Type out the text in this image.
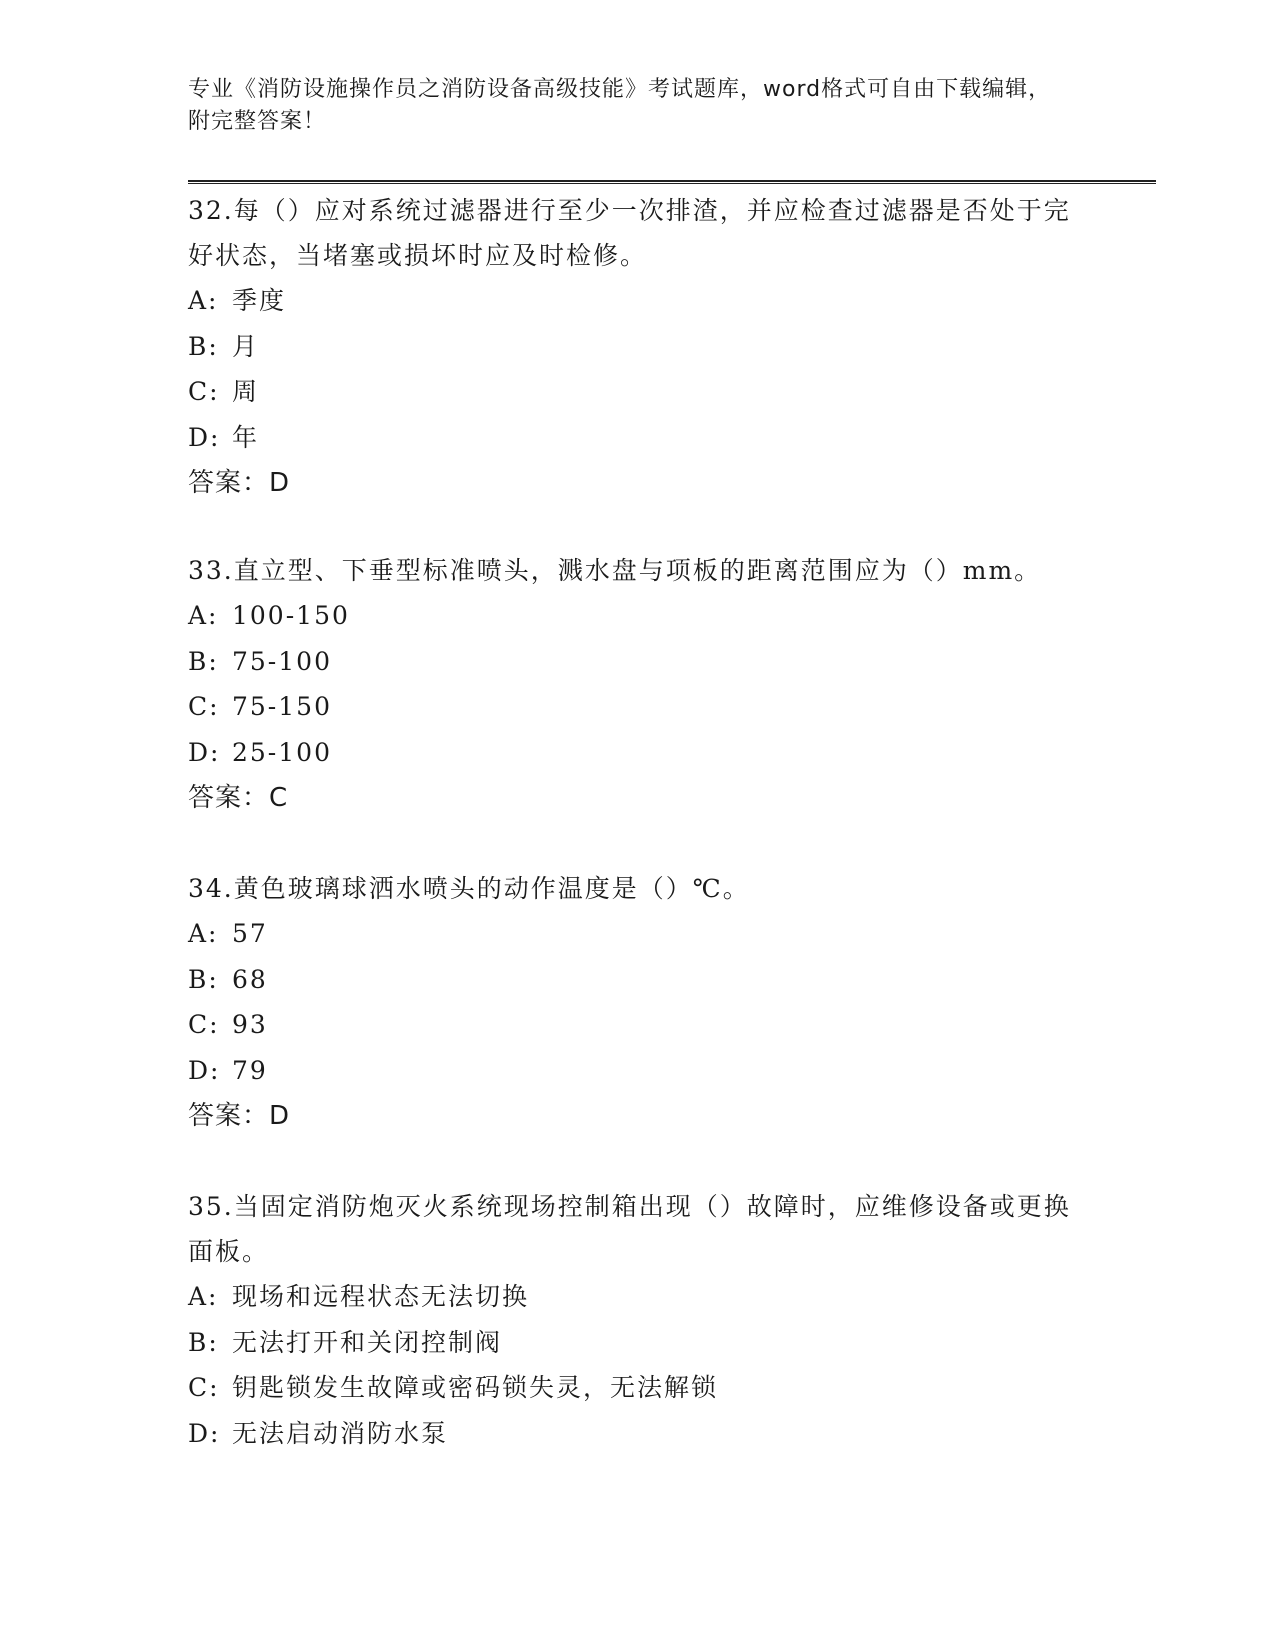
专业《消防设施操作员之消防设备高级技能》考试题库，word格式可自由下载编辑，附完整答案！

32.每（）应对系统过滤器进行至少一次排渣，并应检查过滤器是否处于完好状态，当堵塞或损坏时应及时检修。

A: 季度

B: 月

C: 周

D: 年

答案：D

33.直立型、下垂型标准喷头，溅水盘与项板的距离范围应为（）mm。

A: 100-150

B: 75-100

C: 75-150

D: 25-100

答案：C

34.黄色玻璃球洒水喷头的动作温度是（）℃。

A: 57

B: 68

C: 93

D: 79

答案：D

35.当固定消防炮灭火系统现场控制箱出现（）故障时，应维修设备或更换面板。

A: 现场和远程状态无法切换

B: 无法打开和关闭控制阀

C: 钥匙锁发生故障或密码锁失灵，无法解锁

D: 无法启动消防水泵
